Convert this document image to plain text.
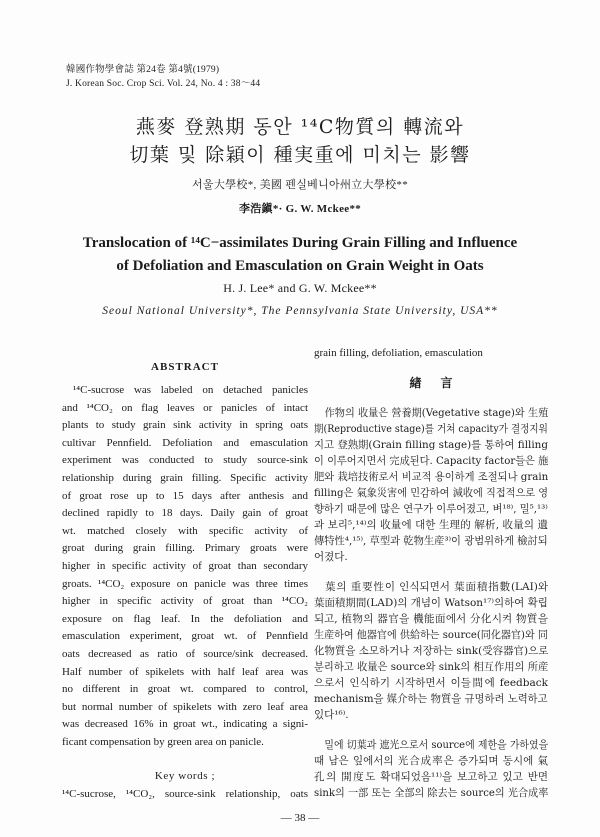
韓國作物學會誌 第24卷 第4號(1979)
J. Korean Soc. Crop Sci. Vol. 24, No. 4 : 38～44
燕麥 登熟期 동안 ¹⁴C物質의 轉流와
切葉 및 除穎이 種実重에 미치는 影響
서울大學校*, 美國 펜실베니아州立大學校**
李浩鎭*· G. W. Mckee**
Translocation of ¹⁴C−assimilates During Grain Filling and Influence
of Defoliation and Emasculation on Grain Weight in Oats
H. J. Lee* and G. W. Mckee**
Seoul National University*, The Pennsylvania State University, USA**
ABSTRACT
¹⁴C-sucrose was labeled on detached panicles
and ¹⁴CO₂ on flag leaves or panicles of intact
plants to study grain sink activity in spring oats
cultivar Pennfield. Defoliation and emasculation
experiment was conducted to study source-sink
relationship during grain filling. Specific activity
of groat rose up to 15 days after anthesis and
declined rapidly to 18 days. Daily gain of groat
wt. matched closely with specific activity of
groat during grain filling. Primary groats were
higher in specific activity of groat than secondary
groats. ¹⁴CO₂ exposure on panicle was three times
higher in specific activity of groat than ¹⁴CO₂
exposure on flag leaf. In the defoliation and
emasculation experiment, groat wt. of Pennfield
oats decreased as ratio of source/sink decreased.
Half number of spikelets with half leaf area was
no different in groat wt. compared to control,
but normal number of spikelets with zero leaf area
was decreased 16% in groat wt., indicating a signi-
ficant compensation by green area on panicle.
Key words ;
¹⁴C-sucrose, ¹⁴CO₂, source-sink relationship, oats
grain filling, defoliation, emasculation
緖 言
作物의 收量은 營養期(Vegetative stage)와 生殖
期(Reproductive stage)를 거쳐 capacity가 결정지워
지고 登熟期(Grain filling stage)를 통하여 filling
이 이루어지면서 完成된다. Capacity factor들은 施
肥와 栽培技術로서 비교적 용이하게 조절되나 grain
filling은 氣象災害에 민감하여 減收에 직접적으로 영
향하기 때문에 많은 연구가 이루어졌고, 벼¹⁸⁾, 밀⁵,¹³⁾
과 보리⁵,¹⁴⁾의 收量에 대한 生理的 解析, 收量의 遺
傳特性⁴,¹⁵⁾, 草型과 乾物生産³⁾이 광범위하게 檢討되
어졌다.
葉의 重要性이 인식되면서 葉面積指數(LAI)와
葉面積期間(LAD)의 개념이 Watson¹⁷⁾의하여 확립
되고, 植物의 器官을 機能面에서 分化시켜 物質을
生産하여 他器官에 供給하는 source(同化器官)와 同
化物質을 소모하거나 저장하는 sink(受容器官)으로
분리하고 收量은 source와 sink의 相互作用의 所産
으로서 인식하기 시작하면서 이들間에 feedback
mechanism을 媒介하는 物質을 규명하려 노력하고
있다¹⁶⁾.
밀에 切葉과 遮光으로서 source에 제한을 가하였을
때 남은 잎에서의 光合成率은 증가되며 동시에 氣
孔의 開度도 확대되었음¹¹⁾을 보고하고 있고 반면
sink의 一部 또는 全部의 除去는 source의 光合成率
— 38 —
